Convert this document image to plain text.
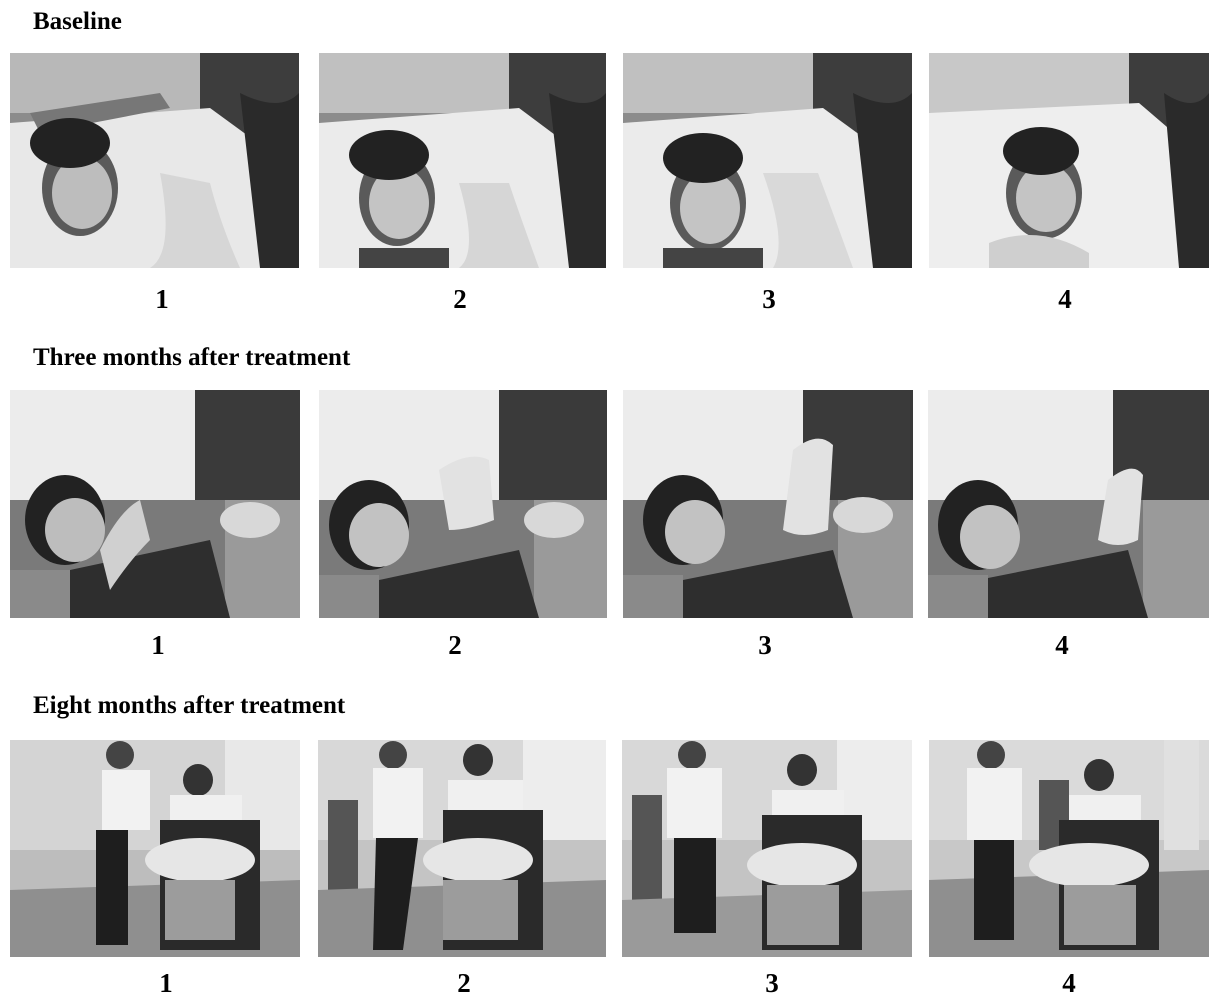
Baseline
Three months after treatment
Eight months after treatment
1	2	3	4
1	2	3	4
1	2	3	4
